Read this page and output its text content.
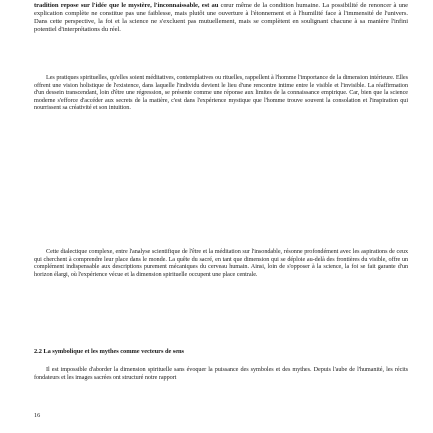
tradition repose sur l'idée que le mystère, l'inconnaissable, est au cœur même de la condition humaine. La possibilité de renoncer à une explication complète ne constitue pas une faiblesse, mais plutôt une ouverture à l'étonnement et à l'humilité face à l'immensité de l'univers. Dans cette perspective, la foi et la science ne s'excluent pas mutuellement, mais se complètent en soulignant chacune à sa manière l'infini potentiel d'interprétations du réel.

Les pratiques spirituelles, qu'elles soient méditatives, contemplatives ou rituelles, rappellent à l'homme l'importance de la dimension intérieure. Elles offrent une vision holistique de l'existence, dans laquelle l'individu devient le lieu d'une rencontre intime entre le visible et l'invisible. La réaffirmation d'un dessein transcendant, loin d'être une régression, se présente comme une réponse aux limites de la connaissance empirique. Car, bien que la science moderne s'efforce d'accéder aux secrets de la matière, c'est dans l'expérience mystique que l'homme trouve souvent la consolation et l'inspiration qui nourrissent sa créativité et son intuition.

Cette dialectique complexe, entre l'analyse scientifique de l'être et la méditation sur l'insondable, résonne profondément avec les aspirations de ceux qui cherchent à comprendre leur place dans le monde. La quête du sacré, en tant que dimension qui se déploie au-delà des frontières du visible, offre un complément indispensable aux descriptions purement mécaniques du cerveau humain. Ainsi, loin de s'opposer à la science, la foi se fait garante d'un horizon élargi, où l'expérience vécue et la dimension spirituelle occupent une place centrale.

2.2 La symbolique et les mythes comme vecteurs de sens

Il est impossible d'aborder la dimension spirituelle sans évoquer la puissance des symboles et des mythes. Depuis l'aube de l'humanité, les récits fondateurs et les images sacrées ont structuré notre rapport

16
